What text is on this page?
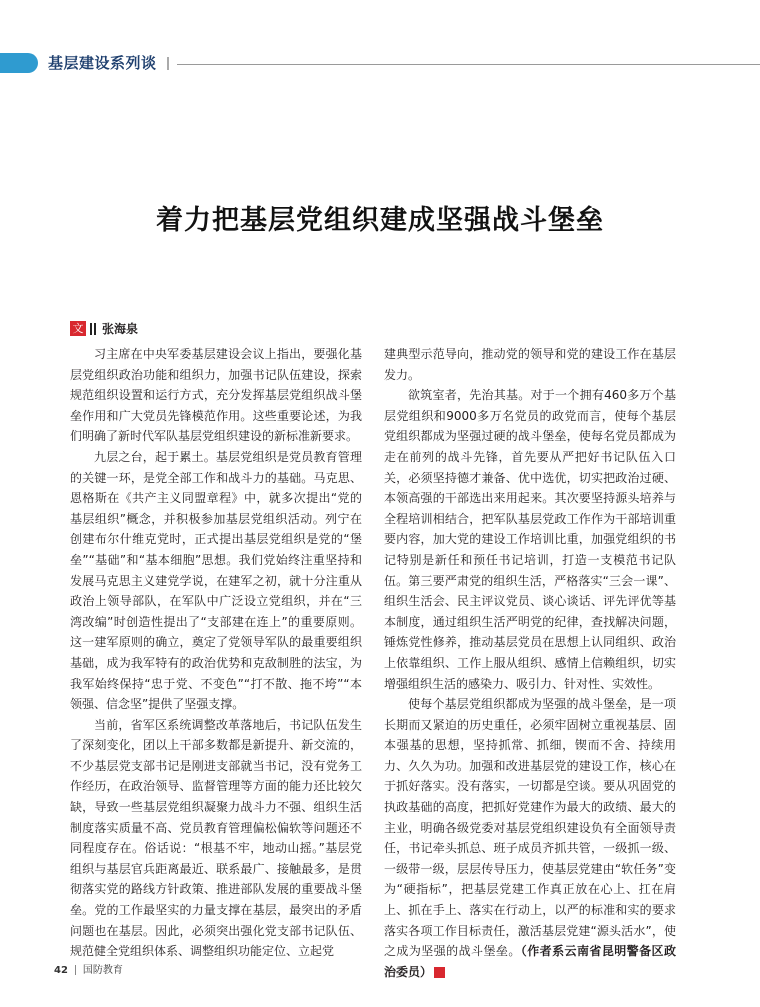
基层建设系列谈
着力把基层党组织建成坚强战斗堡垒
文 张海泉

习主席在中央军委基层建设会议上指出，要强化基层党组织政治功能和组织力，加强书记队伍建设，探索规范组织设置和运行方式，充分发挥基层党组织战斗堡垒作用和广大党员先锋模范作用。这些重要论述，为我们明确了新时代军队基层党组织建设的新标准新要求。

九层之台，起于累土。基层党组织是党员教育管理的关键一环，是党全部工作和战斗力的基础。马克思、恩格斯在《共产主义同盟章程》中，就多次提出“党的基层组织”概念，并积极参加基层党组织活动。列宁在创建布尔什维克党时，正式提出基层党组织是党的“堡垒”“基础”和“基本细胞”思想。我们党始终注重坚持和发展马克思主义建党学说，在建军之初，就十分注重从政治上领导部队，在军队中广泛设立党组织，并在“三湾改编”时创造性提出了“支部建在连上”的重要原则。这一建军原则的确立，奠定了党领导军队的最重要组织基础，成为我军特有的政治优势和克敌制胜的法宝，为我军始终保持“忠于党、不变色”“打不散、拖不垮”“本领强、信念坚”提供了坚强支撑。

当前，省军区系统调整改革落地后，书记队伍发生了深刻变化，团以上干部多数都是新提升、新交流的，不少基层党支部书记是刚进支部就当书记，没有党务工作经历，在政治领导、监督管理等方面的能力还比较欠缺，导致一些基层党组织凝聚力战斗力不强、组织生活制度落实质量不高、党员教育管理偏松偏软等问题还不同程度存在。俗话说：“根基不牢，地动山摇。”基层党组织与基层官兵距离最近、联系最广、接触最多，是贯彻落实党的路线方针政策、推进部队发展的重要战斗堡垒。党的工作最坚实的力量支撑在基层，最突出的矛盾问题也在基层。因此，必须突出强化党支部书记队伍、规范健全党组织体系、调整组织功能定位、立起党

建典型示范导向，推动党的领导和党的建设工作在基层发力。

欲筑室者，先治其基。对于一个拥有460多万个基层党组织和9000多万名党员的政党而言，使每个基层党组织都成为坚强过硬的战斗堡垒，使每名党员都成为走在前列的战斗先锋，首先要从严把好书记队伍入口关，必须坚持德才兼备、优中选优，切实把政治过硬、本领高强的干部选出来用起来。其次要坚持源头培养与全程培训相结合，把军队基层党政工作作为干部培训重要内容，加大党的建设工作培训比重，加强党组织的书记特别是新任和预任书记培训，打造一支模范书记队伍。第三要严肃党的组织生活，严格落实“三会一课”、组织生活会、民主评议党员、谈心谈话、评先评优等基本制度，通过组织生活严明党的纪律，查找解决问题，锤炼党性修养，推动基层党员在思想上认同组织、政治上依靠组织、工作上服从组织、感情上信赖组织，切实增强组织生活的感染力、吸引力、针对性、实效性。

使每个基层党组织都成为坚强的战斗堡垒，是一项长期而又紧迫的历史重任，必须牢固树立重视基层、固本强基的思想，坚持抓常、抓细，锲而不舍、持续用力、久久为功。加强和改进基层党的建设工作，核心在于抓好落实。没有落实，一切都是空谈。要从巩固党的执政基础的高度，把抓好党建作为最大的政绩、最大的主业，明确各级党委对基层党组织建设负有全面领导责任，书记牵头抓总、班子成员齐抓共管，一级抓一级、一级带一级，层层传导压力，使基层党建由“软任务”变为“硬指标”，把基层党建工作真正放在心上、扛在肩上、抓在手上、落实在行动上，以严的标准和实的要求落实各项工作目标责任，激活基层党建“源头活水”，使之成为坚强的战斗堡垒。（作者系云南省昆明警备区政治委员）	G

42 国防教育
